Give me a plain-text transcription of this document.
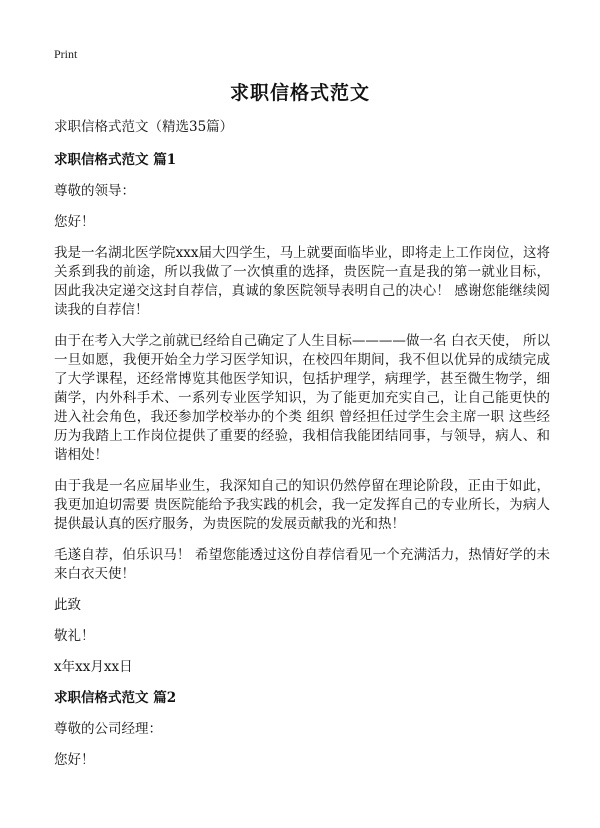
Print
求职信格式范文
求职信格式范文（精选35篇）
求职信格式范文 篇1
尊敬的领导：
您好！
我是一名湖北医学院xxx届大四学生，马上就要面临毕业，即将走上工作岗位，这将关系到我的前途，所以我做了一次慎重的选择，贵医院一直是我的第一就业目标，因此我决定递交这封自荐信，真诚的象医院领导表明自己的决心！ 感谢您能继续阅读我的自荐信！
由于在考入大学之前就已经给自己确定了人生目标————做一名 白衣天使， 所以一旦如愿，我便开始全力学习医学知识，在校四年期间，我不但以优异的成绩完成了大学课程，还经常博览其他医学知识，包括护理学，病理学，甚至微生物学，细菌学，内外科手术、一系列专业医学知识，为了能更加充实自己，让自己能更快的进入社会角色，我还参加学校举办的个类 组织 曾经担任过学生会主席一职 这些经历为我踏上工作岗位提供了重要的经验，我相信我能团结同事，与领导，病人、和谐相处！
由于我是一名应届毕业生，我深知自己的知识仍然停留在理论阶段，正由于如此，我更加迫切需要 贵医院能给予我实践的机会，我一定发挥自己的专业所长，为病人提供最认真的医疗服务，为贵医院的发展贡献我的光和热！
毛遂自荐，伯乐识马！ 希望您能透过这份自荐信看见一个充满活力，热情好学的未来白衣天使！
此致
敬礼！
x年xx月xx日
求职信格式范文 篇2
尊敬的公司经理：
您好！
